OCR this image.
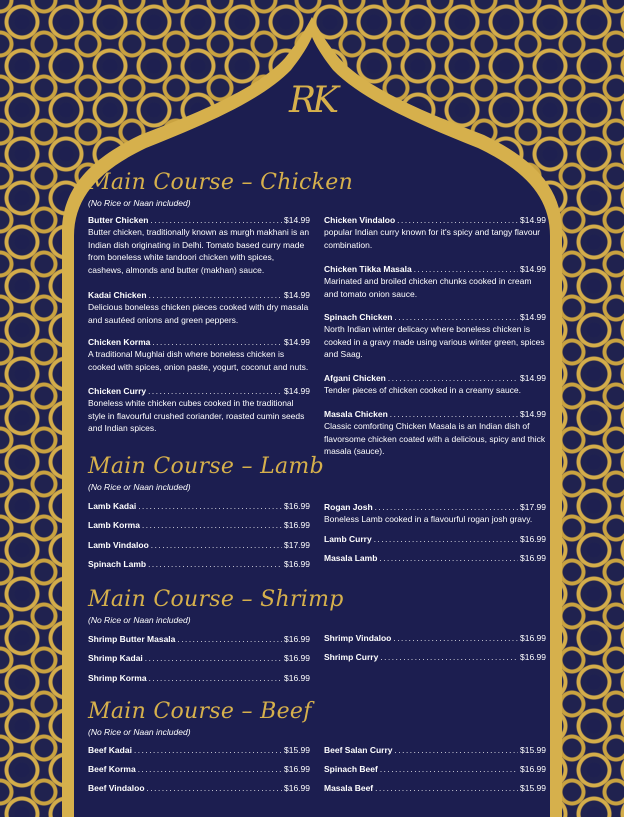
RK
Main Course – Chicken
(No Rice or Naan included)
Butter Chicken .....	$14.99
Butter chicken, traditionally known as murgh makhani is an Indian dish originating in Delhi. Tomato based curry made from boneless white tandoori chicken with spices, cashews, almonds and butter (makhan) sauce.
Kadai Chicken .....	$14.99
Delicious boneless chicken pieces cooked with dry masala and sautéed onions and green peppers.
Chicken Korma .....	$14.99
A traditional Mughlai dish where boneless chicken is cooked with spices, onion paste, yogurt, coconut and nuts.
Chicken Curry .....	$14.99
Boneless white chicken cubes cooked in the traditional style in flavourful crushed coriander, roasted cumin seeds and Indian spices.
Chicken Vindaloo .....	$14.99
popular Indian curry known for it's spicy and tangy flavour combination.
Chicken Tikka Masala .....	$14.99
Marinated and broiled chicken chunks cooked in cream and tomato onion sauce.
Spinach Chicken .....	$14.99
North Indian winter delicacy where boneless chicken is cooked in a gravy made using various winter green, spices and Saag.
Afgani Chicken .....	$14.99
Tender pieces of chicken cooked in a creamy sauce.
Masala Chicken .....	$14.99
Classic comforting Chicken Masala is an Indian dish of flavorsome chicken coated with a delicious, spicy and thick masala (sauce).
Main Course – Lamb
(No Rice or Naan included)
Lamb Kadai .....	$16.99
Lamb Korma .....	$16.99
Lamb Vindaloo .....	$17.99
Spinach Lamb .....	$16.99
Rogan Josh .....	$17.99
Boneless Lamb cooked in a flavourful rogan josh gravy.
Lamb Curry .....	$16.99
Masala Lamb .....	$16.99
Main Course – Shrimp
(No Rice or Naan included)
Shrimp Butter Masala .....	$16.99
Shrimp Kadai .....	$16.99
Shrimp Korma .....	$16.99
Shrimp Vindaloo .....	$16.99
Shrimp Curry .....	$16.99
Main Course – Beef
(No Rice or Naan included)
Beef Kadai .....	$15.99
Beef Korma .....	$16.99
Beef Vindaloo .....	$16.99
Beef Salan Curry .....	$15.99
Spinach Beef .....	$16.99
Masala Beef .....	$15.99
